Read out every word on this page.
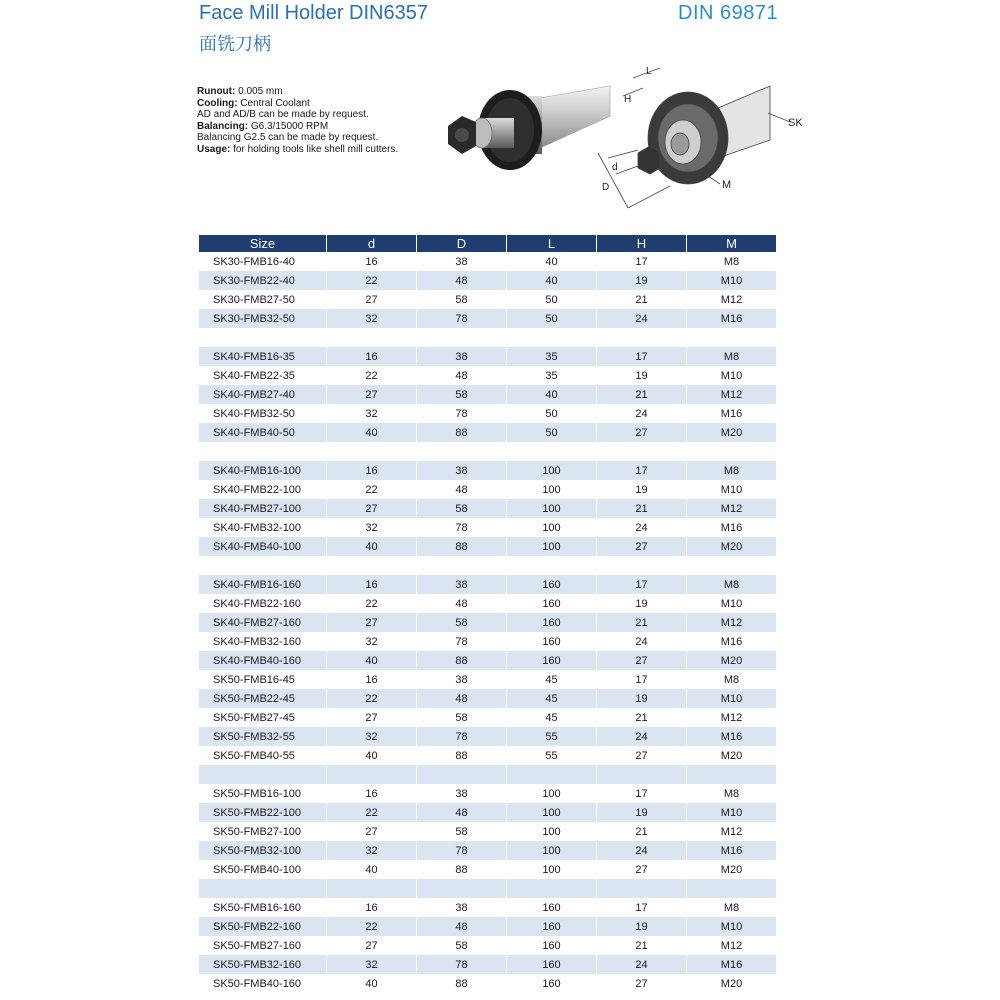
Face Mill Holder DIN6357
面铣刀柄
DIN 69871
Runout: 0.005 mm
Cooling: Central Coolant
AD and AD/B can be made by request.
Balancing: G6.3/15000 RPM
Balancing G2.5 can be made by request.
Usage: for holding tools like shell mill cutters.
L
H
d
D	M
SK
Size	d	D	L	H	M
SK30-FMB16-40	16	38	40	17	M8
SK30-FMB22-40	22	48	40	19	M10
SK30-FMB27-50	27	58	50	21	M12
SK30-FMB32-50	32	78	50	24	M16

SK40-FMB16-35	16	38	35	17	M8
SK40-FMB22-35	22	48	35	19	M10
SK40-FMB27-40	27	58	40	21	M12
SK40-FMB32-50	32	78	50	24	M16
SK40-FMB40-50	40	88	50	27	M20

SK40-FMB16-100	16	38	100	17	M8
SK40-FMB22-100	22	48	100	19	M10
SK40-FMB27-100	27	58	100	21	M12
SK40-FMB32-100	32	78	100	24	M16
SK40-FMB40-100	40	88	100	27	M20

SK40-FMB16-160	16	38	160	17	M8
SK40-FMB22-160	22	48	160	19	M10
SK40-FMB27-160	27	58	160	21	M12
SK40-FMB32-160	32	78	160	24	M16
SK40-FMB40-160	40	88	160	27	M20
SK50-FMB16-45	16	38	45	17	M8
SK50-FMB22-45	22	48	45	19	M10
SK50-FMB27-45	27	58	45	21	M12
SK50-FMB32-55	32	78	55	24	M16
SK50-FMB40-55	40	88	55	27	M20

SK50-FMB16-100	16	38	100	17	M8
SK50-FMB22-100	22	48	100	19	M10
SK50-FMB27-100	27	58	100	21	M12
SK50-FMB32-100	32	78	100	24	M16
SK50-FMB40-100	40	88	100	27	M20

SK50-FMB16-160	16	38	160	17	M8
SK50-FMB22-160	22	48	160	19	M10
SK50-FMB27-160	27	58	160	21	M12
SK50-FMB32-160	32	78	160	24	M16
SK50-FMB40-160	40	88	160	27	M20
